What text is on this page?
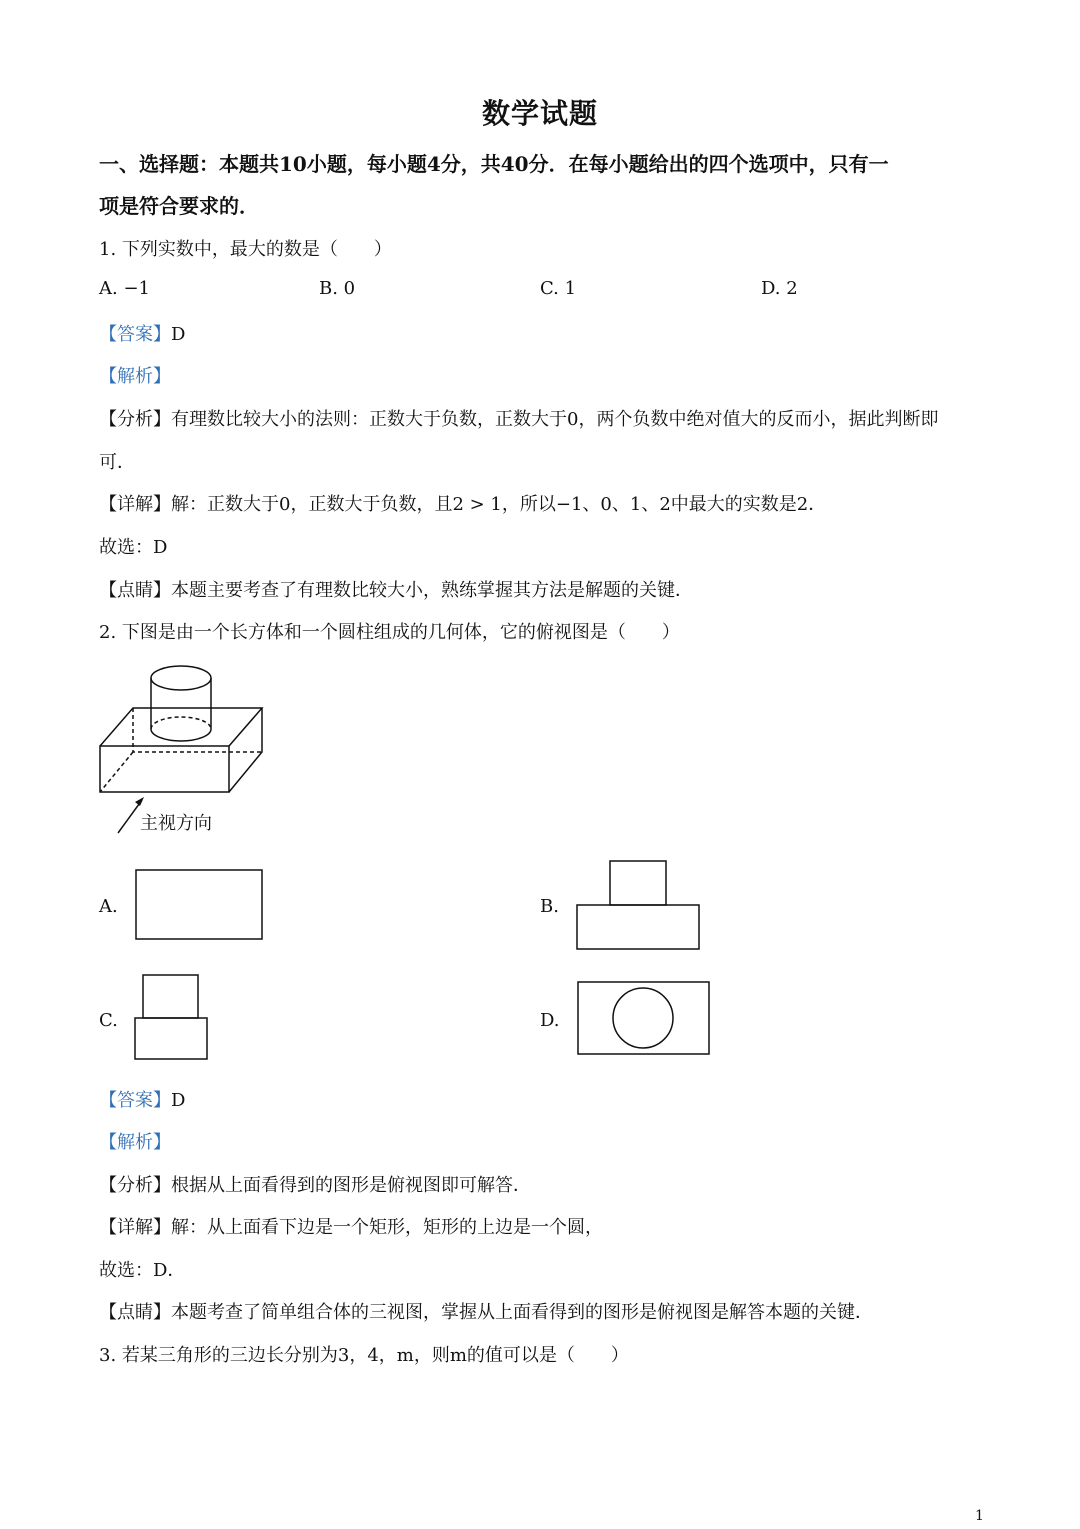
数学试题
一、选择题：本题共10小题，每小题4分，共40分．在每小题给出的四个选项中，只有一
项是符合要求的．
1. 下列实数中，最大的数是（　　）
A. −1	B. 0	C. 1	D. 2
【答案】D
【解析】
【分析】有理数比较大小的法则：正数大于负数，正数大于0，两个负数中绝对值大的反而小，据此判断即
可．
【详解】解：正数大于0，正数大于负数，且2 > 1，所以−1、0、1、2中最大的实数是2．
故选：D
【点睛】本题主要考查了有理数比较大小，熟练掌握其方法是解题的关键．
2. 下图是由一个长方体和一个圆柱组成的几何体，它的俯视图是（　　）
主视方向
A.	B.
C.	D.
【答案】D
【解析】
【分析】根据从上面看得到的图形是俯视图即可解答．
【详解】解：从上面看下边是一个矩形，矩形的上边是一个圆，
故选：D．
【点睛】本题考查了简单组合体的三视图，掌握从上面看得到的图形是俯视图是解答本题的关键．
3. 若某三角形的三边长分别为3，4，m，则m的值可以是（　　）
1
